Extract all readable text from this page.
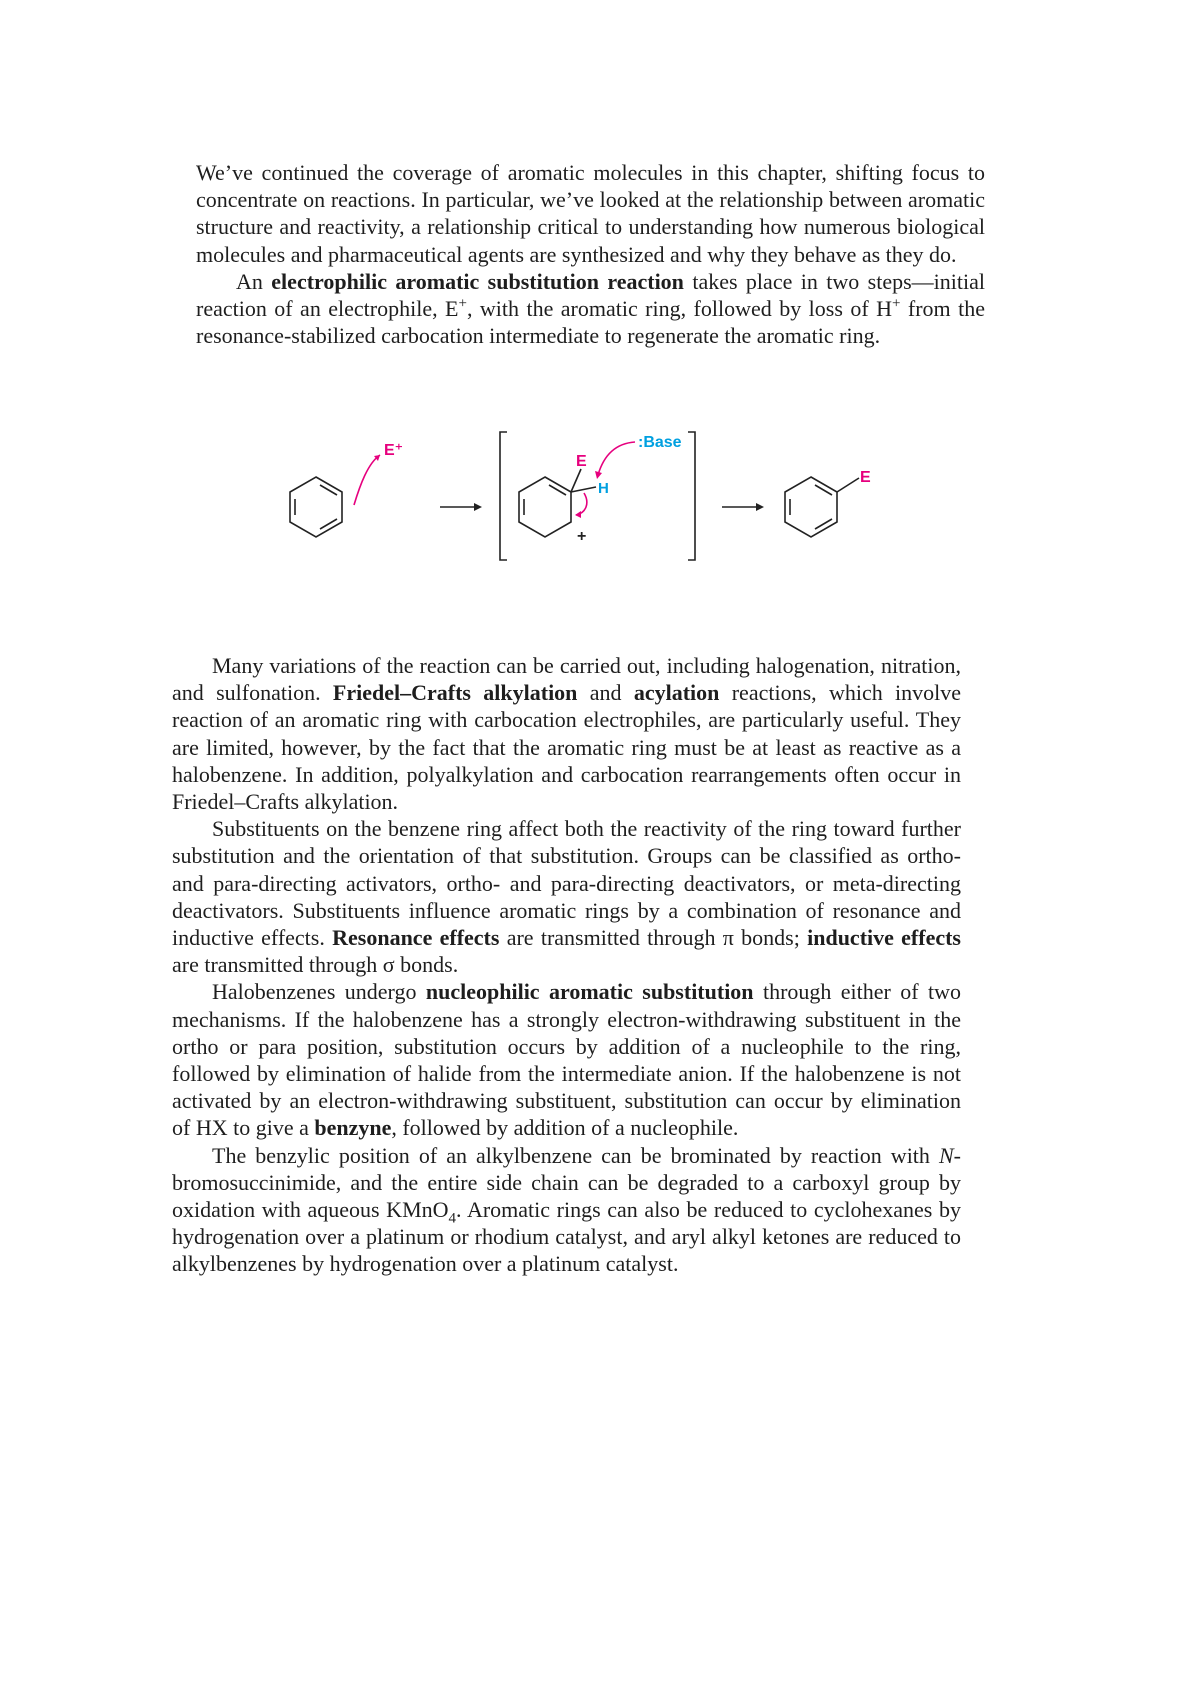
We’ve continued the coverage of aromatic molecules in this chapter, shifting focus to concentrate on reactions. In particular, we’ve looked at the relationship between aromatic structure and reactivity, a relationship critical to understanding how numerous biological molecules and pharmaceutical agents are synthesized and why they behave as they do.

An electrophilic aromatic substitution reaction takes place in two steps—initial reaction of an electrophile, E+, with the aromatic ring, followed by loss of H+ from the resonance-stabilized carbocation intermediate to regenerate the aromatic ring.

E⁺
E
H
+
:Base
E

Many variations of the reaction can be carried out, including halogenation, nitration, and sulfonation. Friedel–Crafts alkylation and acylation reactions, which involve reaction of an aromatic ring with carbocation electrophiles, are particularly useful. They are limited, however, by the fact that the aromatic ring must be at least as reactive as a halobenzene. In addition, polyalkylation and carbocation rearrangements often occur in Friedel–Crafts alkylation.

Substituents on the benzene ring affect both the reactivity of the ring toward further substitution and the orientation of that substitution. Groups can be classified as ortho- and para-directing activators, ortho- and para-directing deactivators, or meta-directing deactivators. Substituents influence aromatic rings by a combination of resonance and inductive effects. Resonance effects are transmitted through π bonds; inductive effects are transmitted through σ bonds.

Halobenzenes undergo nucleophilic aromatic substitution through either of two mechanisms. If the halobenzene has a strongly electron-withdrawing substituent in the ortho or para position, substitution occurs by addition of a nucleophile to the ring, followed by elimination of halide from the intermediate anion. If the halobenzene is not activated by an electron-withdrawing substituent, substitution can occur by elimination of HX to give a benzyne, followed by addition of a nucleophile.

The benzylic position of an alkylbenzene can be brominated by reaction with N-bromosuccinimide, and the entire side chain can be degraded to a carboxyl group by oxidation with aqueous KMnO$_4$. Aromatic rings can also be reduced to cyclohexanes by hydrogenation over a platinum or rhodium catalyst, and aryl alkyl ketones are reduced to alkylbenzenes by hydrogenation over a platinum catalyst.
